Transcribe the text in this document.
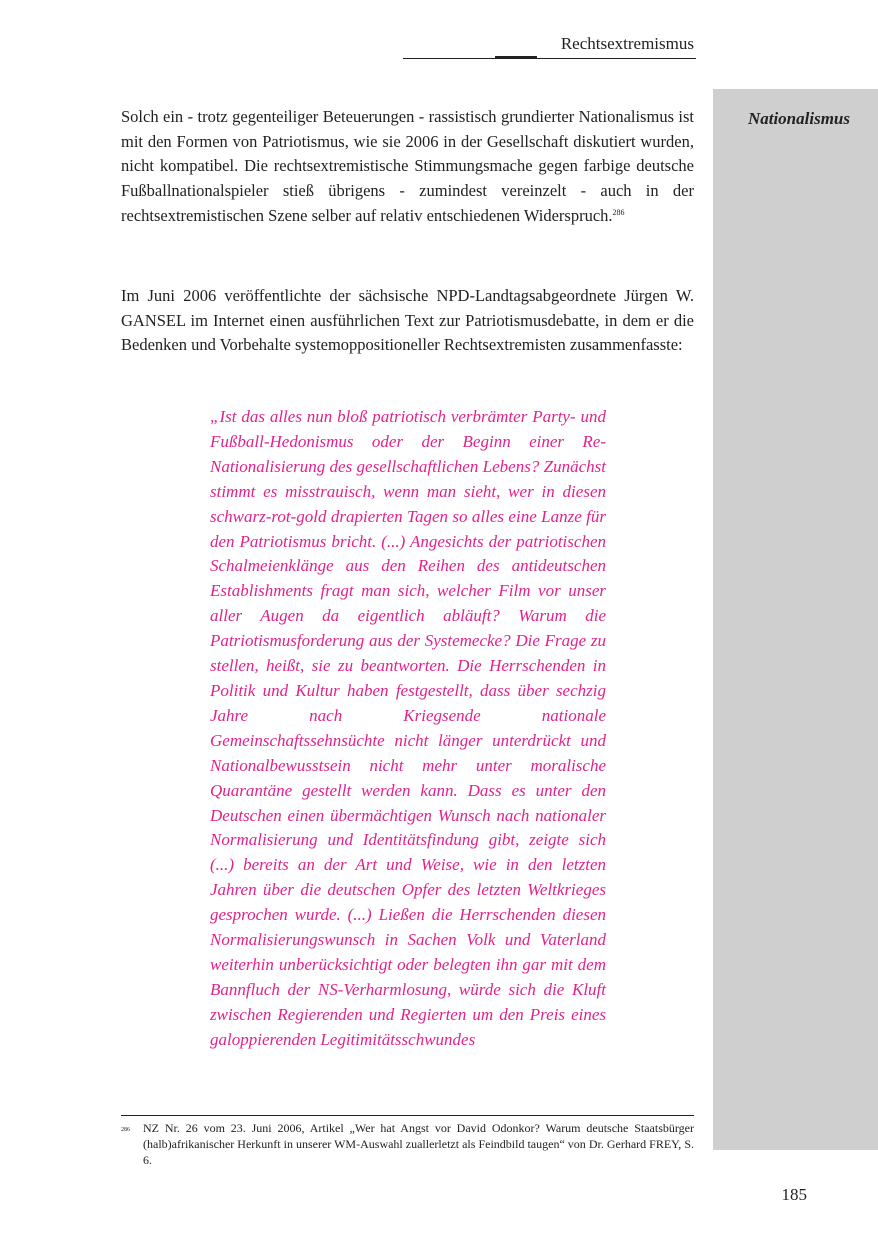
Rechtsextremismus
Nationalismus

Solch ein - trotz gegenteiliger Beteuerungen - rassistisch grundierter Nationalismus ist mit den Formen von Patriotismus, wie sie 2006 in der Gesellschaft diskutiert wurden, nicht kompatibel. Die rechtsextremistische Stimmungsmache gegen farbige deutsche Fußballnationalspieler stieß übrigens - zumindest vereinzelt - auch in der rechtsextremistischen Szene selber auf relativ entschiedenen Widerspruch.$^{286}$

Im Juni 2006 veröffentlichte der sächsische NPD-Landtagsabgeordnete Jürgen W. GANSEL im Internet einen ausführlichen Text zur Patriotismusdebatte, in dem er die Bedenken und Vorbehalte systemoppositioneller Rechtsextremisten zusammenfasste:

„Ist das alles nun bloß patriotisch verbrämter Party- und Fußball-Hedonismus oder der Beginn einer Re-Nationalisierung des gesellschaftlichen Lebens? Zunächst stimmt es misstrauisch, wenn man sieht, wer in diesen schwarz-rot-gold drapierten Tagen so alles eine Lanze für den Patriotismus bricht. (...) Angesichts der patriotischen Schalmeienklänge aus den Reihen des antideutschen Establishments fragt man sich, welcher Film vor unser aller Augen da eigentlich abläuft? Warum die Patriotismusforderung aus der Systemecke? Die Frage zu stellen, heißt, sie zu beantworten. Die Herrschenden in Politik und Kultur haben festgestellt, dass über sechzig Jahre nach Kriegsende nationale Gemeinschaftssehnsüchte nicht länger unterdrückt und Nationalbewusstsein nicht mehr unter moralische Quarantäne gestellt werden kann. Dass es unter den Deutschen einen übermächtigen Wunsch nach nationaler Normalisierung und Identitätsfindung gibt, zeigte sich (...) bereits an der Art und Weise, wie in den letzten Jahren über die deutschen Opfer des letzten Weltkrieges gesprochen wurde. (...) Ließen die Herrschenden diesen Normalisierungswunsch in Sachen Volk und Vaterland weiterhin unberücksichtigt oder belegten ihn gar mit dem Bannfluch der NS-Verharmlosung, würde sich die Kluft zwischen Regierenden und Regierten um den Preis eines galoppierenden Legitimitätsschwundes

286	NZ Nr. 26 vom 23. Juni 2006, Artikel „Wer hat Angst vor David Odonkor? Warum deutsche Staatsbürger (halb)afrikanischer Herkunft in unserer WM-Auswahl zuallerletzt als Feindbild taugen“ von Dr. Gerhard FREY, S. 6.
185
